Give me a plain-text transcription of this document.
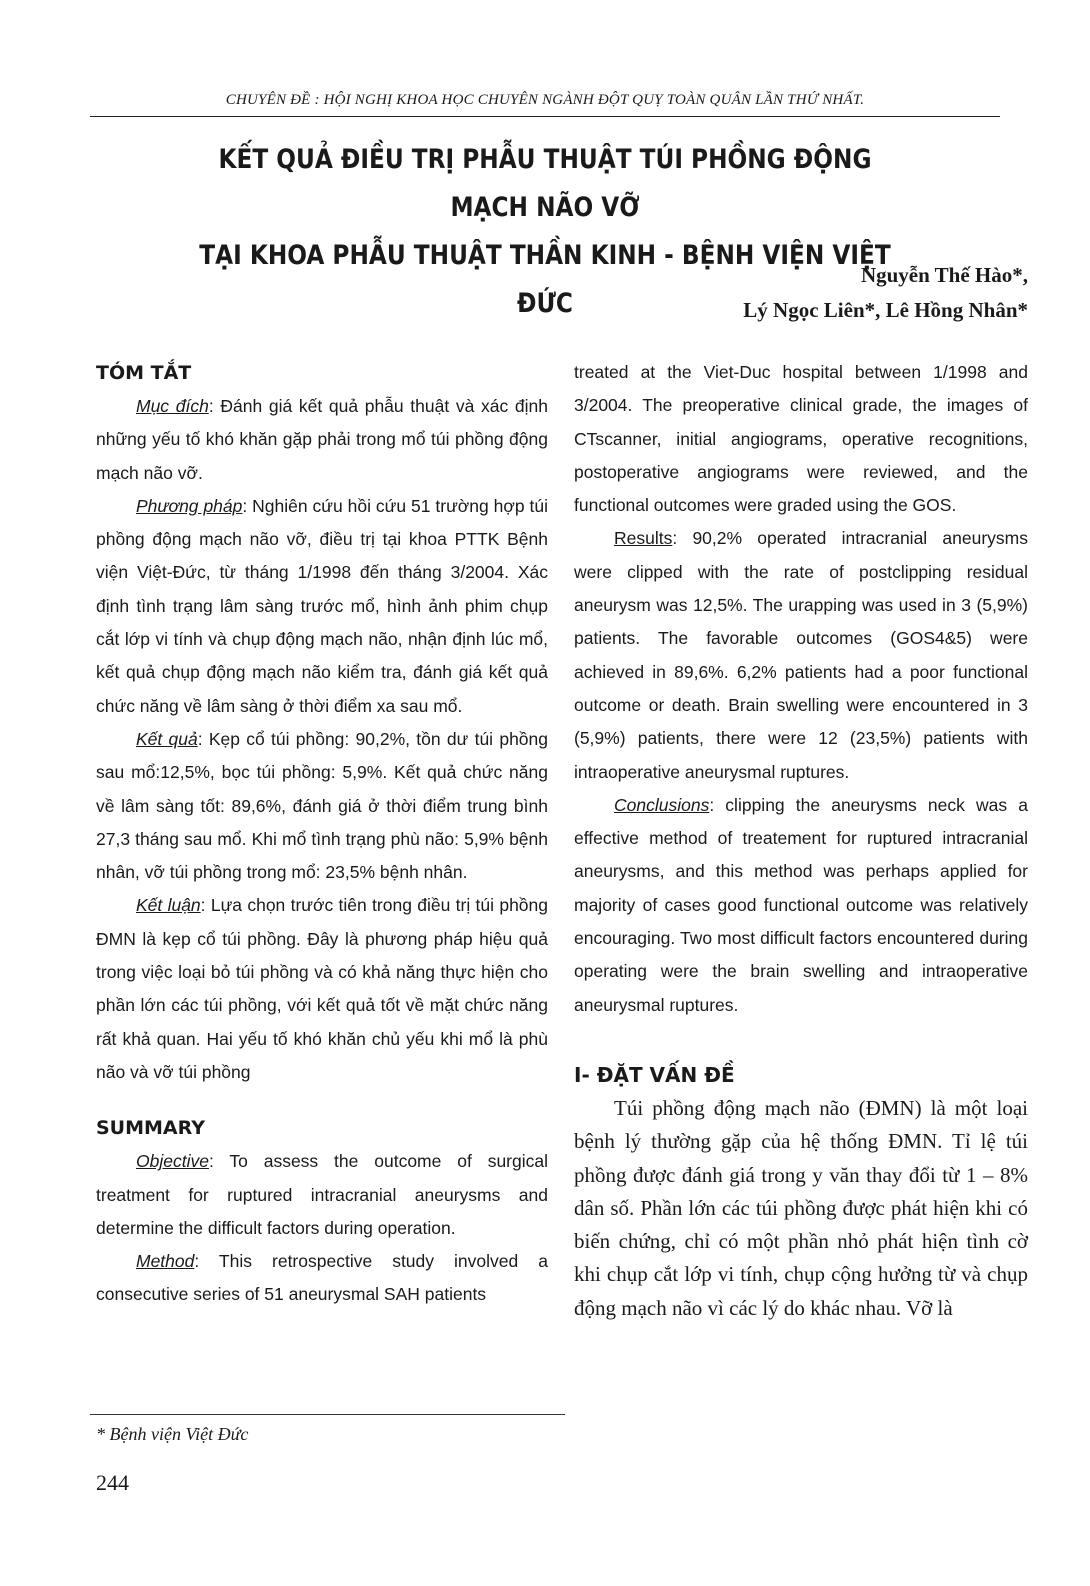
CHUYÊN ĐỀ : HỘI NGHỊ KHOA HỌC CHUYÊN NGÀNH ĐỘT QUỴ TOÀN QUÂN LẦN THỨ NHẤT.
KẾT QUẢ ĐIỀU TRỊ PHẪU THUẬT TÚI PHỒNG ĐỘNG MẠCH NÃO VỠ
TẠI KHOA PHẪU THUẬT THẦN KINH - BỆNH VIỆN VIỆT ĐỨC
Nguyễn Thế Hào*,
Lý Ngọc Liên*, Lê Hồng Nhân*
TÓM TẮT

Mục đích: Đánh giá kết quả phẫu thuật và xác định những yếu tố khó khăn gặp phải trong mổ túi phồng động mạch não vỡ.

Phương pháp: Nghiên cứu hồi cứu 51 trường hợp túi phồng động mạch não vỡ, điều trị tại khoa PTTK Bệnh viện Việt-Đức, từ tháng 1/1998 đến tháng 3/2004. Xác định tình trạng lâm sàng trước mổ, hình ảnh phim chụp cắt lớp vi tính và chụp động mạch não, nhận định lúc mổ, kết quả chụp động mạch não kiểm tra, đánh giá kết quả chức năng về lâm sàng ở thời điểm xa sau mổ.

Kết quả: Kẹp cổ túi phồng: 90,2%, tồn dư túi phồng sau mổ:12,5%, bọc túi phồng: 5,9%. Kết quả chức năng về lâm sàng tốt: 89,6%, đánh giá ở thời điểm trung bình 27,3 tháng sau mổ. Khi mổ tình trạng phù não: 5,9% bệnh nhân, vỡ túi phồng trong mổ: 23,5% bệnh nhân.

Kết luận: Lựa chọn trước tiên trong điều trị túi phồng ĐMN là kẹp cổ túi phồng. Đây là phương pháp hiệu quả trong việc loại bỏ túi phồng và có khả năng thực hiện cho phần lớn các túi phồng, với kết quả tốt về mặt chức năng rất khả quan. Hai yếu tố khó khăn chủ yếu khi mổ là phù não và vỡ túi phồng

SUMMARY

Objective: To assess the outcome of surgical treatment for ruptured intracranial aneurysms and determine the difficult factors during operation.

Method: This retrospective study involved a consecutive series of 51 aneurysmal SAH patients

treated at the Viet-Duc hospital between 1/1998 and 3/2004. The preoperative clinical grade, the images of CTscanner, initial angiograms, operative recognitions, postoperative angiograms were reviewed, and the functional outcomes were graded using the GOS.

Results: 90,2% operated intracranial aneurysms were clipped with the rate of postclipping residual aneurysm was 12,5%. The urapping was used in 3 (5,9%) patients. The favorable outcomes (GOS4&5) were achieved in 89,6%. 6,2% patients had a poor functional outcome or death. Brain swelling were encountered in 3 (5,9%) patients, there were 12 (23,5%) patients with intraoperative aneurysmal ruptures.

Conclusions: clipping the aneurysms neck was a effective method of treatement for ruptured intracranial aneurysms, and this method was perhaps applied for majority of cases good functional outcome was relatively encouraging. Two most difficult factors encountered during operating were the brain swelling and intraoperative aneurysmal ruptures.

I- ĐẶT VẤN ĐỀ

Túi phồng động mạch não (ĐMN) là một loại bệnh lý thường gặp của hệ thống ĐMN. Tỉ lệ túi phồng được đánh giá trong y văn thay đổi từ 1 – 8% dân số. Phần lớn các túi phồng được phát hiện khi có biến chứng, chỉ có một phần nhỏ phát hiện tình cờ khi chụp cắt lớp vi tính, chụp cộng hưởng từ và chụp động mạch não vì các lý do khác nhau. Vỡ là

* Bệnh viện Việt Đức
244
